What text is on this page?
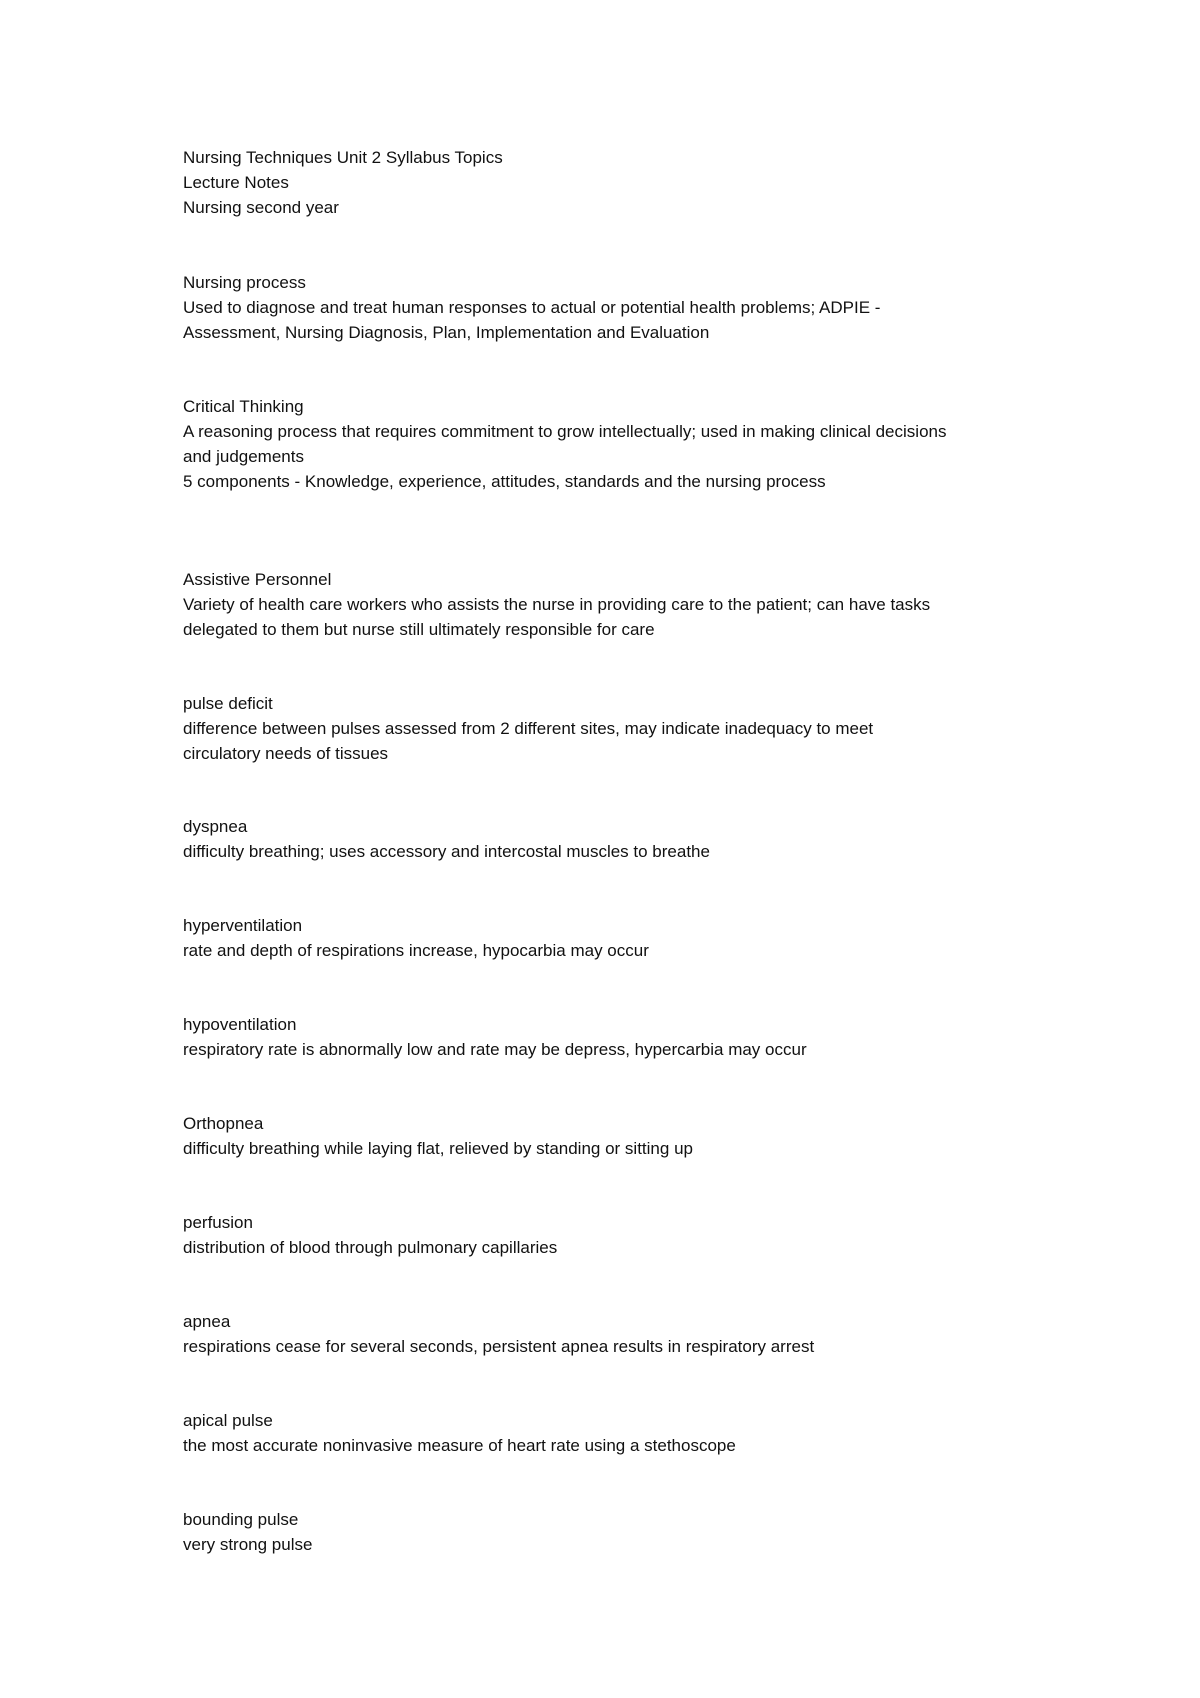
Nursing Techniques Unit 2 Syllabus Topics
Lecture Notes
Nursing second year
Nursing process
Used to diagnose and treat human responses to actual or potential health problems; ADPIE -
Assessment, Nursing Diagnosis, Plan, Implementation and Evaluation
Critical Thinking
A reasoning process that requires commitment to grow intellectually; used in making clinical decisions
and judgements
5 components - Knowledge, experience, attitudes, standards and the nursing process
Assistive Personnel
Variety of health care workers who assists the nurse in providing care to the patient; can have tasks
delegated to them but nurse still ultimately responsible for care
pulse deficit
difference between pulses assessed from 2 different sites, may indicate inadequacy to meet
circulatory needs of tissues
dyspnea
difficulty breathing; uses accessory and intercostal muscles to breathe
hyperventilation
rate and depth of respirations increase, hypocarbia may occur
hypoventilation
respiratory rate is abnormally low and rate may be depress, hypercarbia may occur
Orthopnea
difficulty breathing while laying flat, relieved by standing or sitting up
perfusion
distribution of blood through pulmonary capillaries
apnea
respirations cease for several seconds, persistent apnea results in respiratory arrest
apical pulse
the most accurate noninvasive measure of heart rate using a stethoscope
bounding pulse
very strong pulse
